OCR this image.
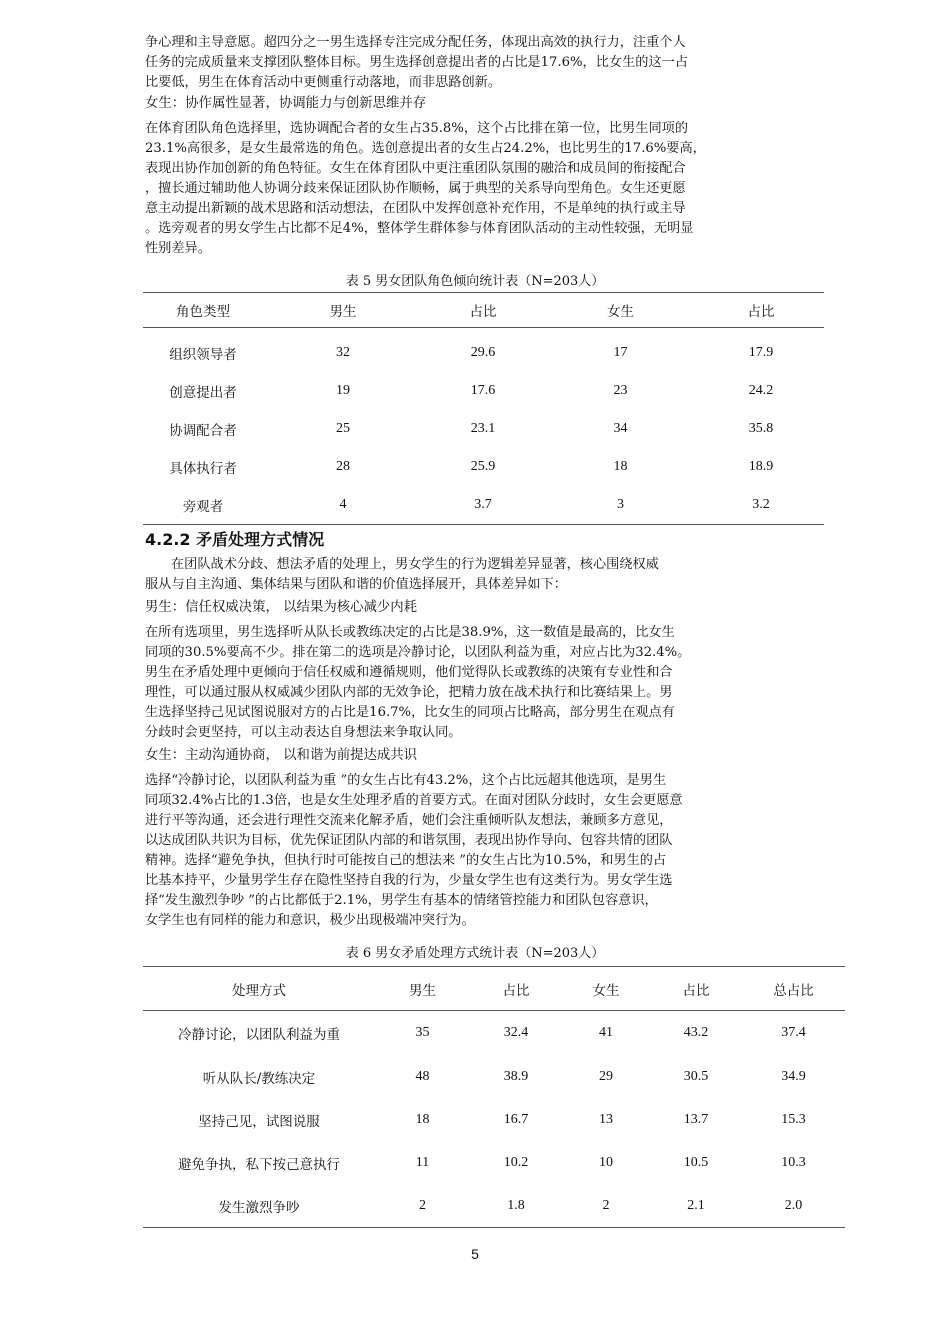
争心理和主导意愿。超四分之一男生选择专注完成分配任务，体现出高效的执行力，注重个人
任务的完成质量来支撑团队整体目标。男生选择创意提出者的占比是17.6%，比女生的这一占
比要低，男生在体育活动中更侧重行动落地，而非思路创新。

女生：协作属性显著，协调能力与创新思维并存

在体育团队角色选择里，选协调配合者的女生占35.8%，这个占比排在第一位，比男生同项的
23.1%高很多，是女生最常选的角色。选创意提出者的女生占24.2%，也比男生的17.6%要高，
表现出协作加创新的角色特征。女生在体育团队中更注重团队氛围的融洽和成员间的衔接配合
，擅长通过辅助他人协调分歧来保证团队协作顺畅，属于典型的关系导向型角色。女生还更愿
意主动提出新颖的战术思路和活动想法，在团队中发挥创意补充作用，不是单纯的执行或主导
。选旁观者的男女学生占比都不足4%，整体学生群体参与体育团队活动的主动性较强，无明显
性别差异。

表 5 男女团队角色倾向统计表（N=203人）

角色类型	男生	占比	女生	占比
组织领导者	32	29.6	17	17.9
创意提出者	19	17.6	23	24.2
协调配合者	25	23.1	34	35.8
具体执行者	28	25.9	18	18.9
旁观者	4	3.7	3	3.2
4.2.2 矛盾处理方式情况

在团队战术分歧、想法矛盾的处理上，男女学生的行为逻辑差异显著，核心围绕权威
服从与自主沟通、集体结果与团队和谐的价值选择展开，具体差异如下：

男生：信任权威决策， 以结果为核心减少内耗

在所有选项里，男生选择听从队长或教练决定的占比是38.9%，这一数值是最高的，比女生
同项的30.5%要高不少。排在第二的选项是冷静讨论，以团队利益为重，对应占比为32.4%。
男生在矛盾处理中更倾向于信任权威和遵循规则，他们觉得队长或教练的决策有专业性和合
理性，可以通过服从权威减少团队内部的无效争论，把精力放在战术执行和比赛结果上。男
生选择坚持己见试图说服对方的占比是16.7%，比女生的同项占比略高，部分男生在观点有
分歧时会更坚持，可以主动表达自身想法来争取认同。

女生：主动沟通协商， 以和谐为前提达成共识

选择“冷静讨论，以团队利益为重 ”的女生占比有43.2%，这个占比远超其他选项，是男生
同项32.4%占比的1.3倍，也是女生处理矛盾的首要方式。在面对团队分歧时，女生会更愿意
进行平等沟通，还会进行理性交流来化解矛盾，她们会注重倾听队友想法，兼顾多方意见，
以达成团队共识为目标，优先保证团队内部的和谐氛围，表现出协作导向、包容共情的团队
精神。选择“避免争执，但执行时可能按自己的想法来 ”的女生占比为10.5%，和男生的占
比基本持平，少量男学生存在隐性坚持自我的行为，少量女学生也有这类行为。男女学生选
择“发生激烈争吵 ”的占比都低于2.1%，男学生有基本的情绪管控能力和团队包容意识，
女学生也有同样的能力和意识，极少出现极端冲突行为。

表 6 男女矛盾处理方式统计表（N=203人）

处理方式	男生	占比	女生	占比	总占比
冷静讨论，以团队利益为重	35	32.4	41	43.2	37.4
听从队长/教练决定	48	38.9	29	30.5	34.9
坚持己见，试图说服	18	16.7	13	13.7	15.3
避免争执，私下按己意执行	11	10.2	10	10.5	10.3
发生激烈争吵	2	1.8	2	2.1	2.0
5
